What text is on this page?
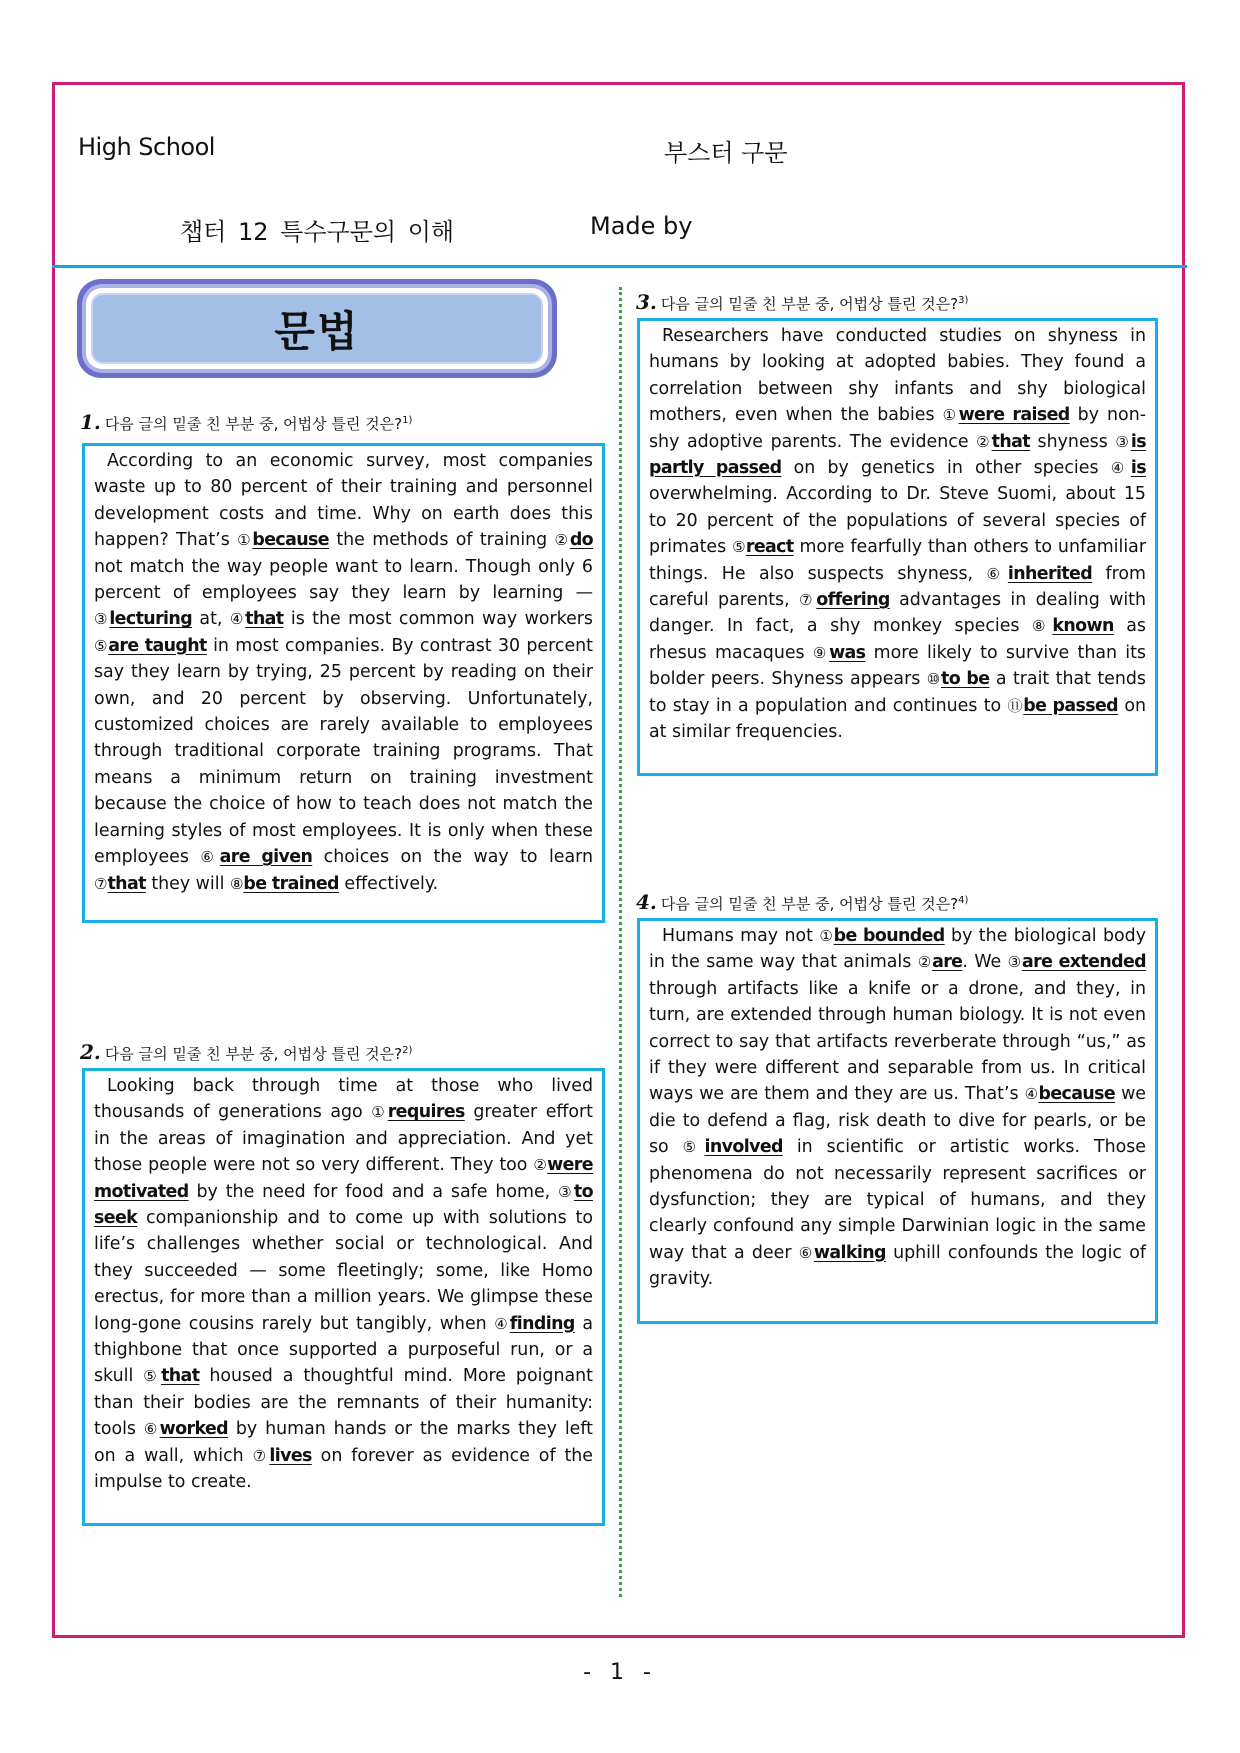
High School	부스터 구문
챕터 12 특수구문의 이해	Made by
문법
1. 다음 글의 밑줄 친 부분 중, 어법상 틀린 것은?$^{1)}$

According to an economic survey, most companies waste up to 80 percent of their training and personnel development costs and time. Why on earth does this happen? That’s ①because the methods of training ②do not match the way people want to learn. Though only 6 percent of employees say they learn by learning — ③lecturing at, ④that is the most common way workers ⑤are taught in most companies. By contrast 30 percent say they learn by trying, 25 percent by reading on their own, and 20 percent by observing. Unfortunately, customized choices are rarely available to employees through traditional corporate training programs. That means a minimum return on training investment because the choice of how to teach does not match the learning styles of most employees. It is only when these employees ⑥are given choices on the way to learn ⑦that they will ⑧be trained effectively.

2. 다음 글의 밑줄 친 부분 중, 어법상 틀린 것은?$^{2)}$

Looking back through time at those who lived thousands of generations ago ①requires greater effort in the areas of imagination and appreciation. And yet those people were not so very different. They too ②were motivated by the need for food and a safe home, ③to seek companionship and to come up with solutions to life’s challenges whether social or technological. And they succeeded — some fleetingly; some, like Homo erectus, for more than a million years. We glimpse these long-gone cousins rarely but tangibly, when ④finding a thighbone that once supported a purposeful run, or a skull ⑤that housed a thoughtful mind. More poignant than their bodies are the remnants of their humanity: tools ⑥worked by human hands or the marks they left on a wall, which ⑦lives on forever as evidence of the impulse to create.

3. 다음 글의 밑줄 친 부분 중, 어법상 틀린 것은?$^{3)}$

Researchers have conducted studies on shyness in humans by looking at adopted babies. They found a correlation between shy infants and shy biological mothers, even when the babies ①were raised by non-shy adoptive parents. The evidence ②that shyness ③is partly passed on by genetics in other species ④is overwhelming. According to Dr. Steve Suomi, about 15 to 20 percent of the populations of several species of primates ⑤react more fearfully than others to unfamiliar things. He also suspects shyness, ⑥inherited from careful parents, ⑦offering advantages in dealing with danger. In fact, a shy monkey species ⑧known as rhesus macaques ⑨was more likely to survive than its bolder peers. Shyness appears ⑩to be a trait that tends to stay in a population and continues to ⑪be passed on at similar frequencies.

4. 다음 글의 밑줄 친 부분 중, 어법상 틀린 것은?$^{4)}$

Humans may not ①be bounded by the biological body in the same way that animals ②are. We ③are extended through artifacts like a knife or a drone, and they, in turn, are extended through human biology. It is not even correct to say that artifacts reverberate through “us,” as if they were different and separable from us. In critical ways we are them and they are us. That’s ④because we die to defend a flag, risk death to dive for pearls, or be so ⑤involved in scientific or artistic works. Those phenomena do not necessarily represent sacrifices or dysfunction; they are typical of humans, and they clearly confound any simple Darwinian logic in the same way that a deer ⑥walking uphill confounds the logic of gravity.

- 1 -
